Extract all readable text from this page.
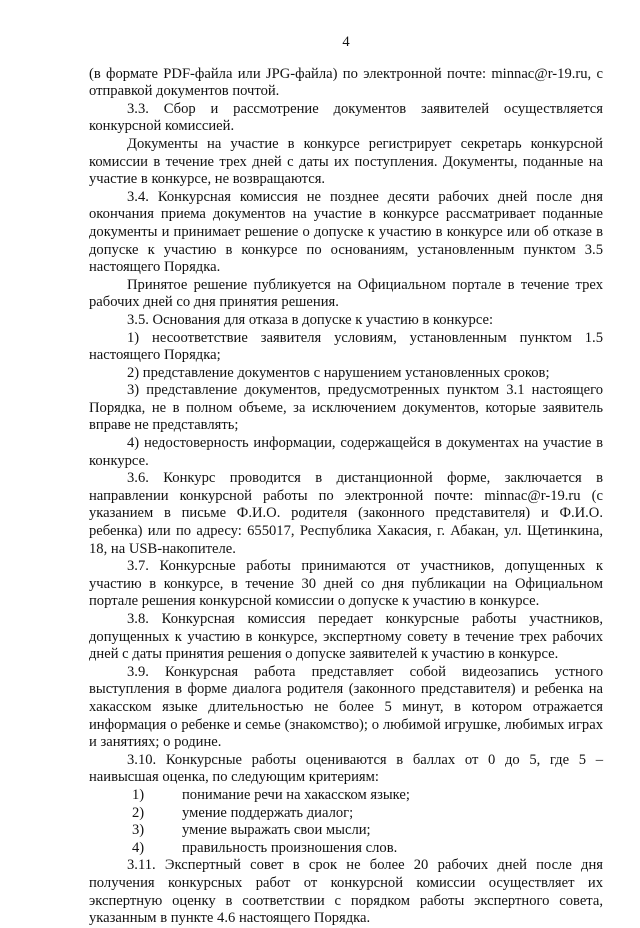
4

(в формате PDF-файла или JPG-файла) по электронной почте: minnac@r-19.ru, с отправкой документов почтой.

3.3. Сбор и рассмотрение документов заявителей осуществляется конкурсной комиссией.

Документы на участие в конкурсе регистрирует секретарь конкурсной комиссии в течение трех дней с даты их поступления. Документы, поданные на участие в конкурсе, не возвращаются.

3.4. Конкурсная комиссия не позднее десяти рабочих дней после дня окончания приема документов на участие в конкурсе рассматривает поданные документы и принимает решение о допуске к участию в конкурсе или об отказе в допуске к участию в конкурсе по основаниям, установленным пунктом 3.5 настоящего Порядка.

Принятое решение публикуется на Официальном портале в течение трех рабочих дней со дня принятия решения.

3.5. Основания для отказа в допуске к участию в конкурсе:

1) несоответствие заявителя условиям, установленным пунктом 1.5 настоящего Порядка;

2) представление документов с нарушением установленных сроков;

3) представление документов, предусмотренных пунктом 3.1 настоящего Порядка, не в полном объеме, за исключением документов, которые заявитель вправе не представлять;

4) недостоверность информации, содержащейся в документах на участие в конкурсе.

3.6. Конкурс проводится в дистанционной форме, заключается в направлении конкурсной работы по электронной почте: minnac@r-19.ru (с указанием в письме Ф.И.О. родителя (законного представителя) и Ф.И.О. ребенка) или по адресу: 655017, Республика Хакасия, г. Абакан, ул. Щетинкина, 18, на USB-накопителе.

3.7. Конкурсные работы принимаются от участников, допущенных к участию в конкурсе, в течение 30 дней со дня публикации на Официальном портале решения конкурсной комиссии о допуске к участию в конкурсе.

3.8. Конкурсная комиссия передает конкурсные работы участников, допущенных к участию в конкурсе, экспертному совету в течение трех рабочих дней с даты принятия решения о допуске заявителей к участию в конкурсе.

3.9. Конкурсная работа представляет собой видеозапись устного выступления в форме диалога родителя (законного представителя) и ребенка на хакасском языке длительностью не более 5 минут, в котором отражается информация о ребенке и семье (знакомство); о любимой игрушке, любимых играх и занятиях; о родине.

3.10. Конкурсные работы оцениваются в баллах от 0 до 5, где 5 – наивысшая оценка, по следующим критериям:

1)	понимание речи на хакасском языке;
2)	умение поддержать диалог;
3)	умение выражать свои мысли;
4)	правильность произношения слов.

3.11. Экспертный совет в срок не более 20 рабочих дней после дня получения конкурсных работ от конкурсной комиссии осуществляет их экспертную оценку в соответствии с порядком работы экспертного совета, указанным в пункте 4.6 настоящего Порядка.
